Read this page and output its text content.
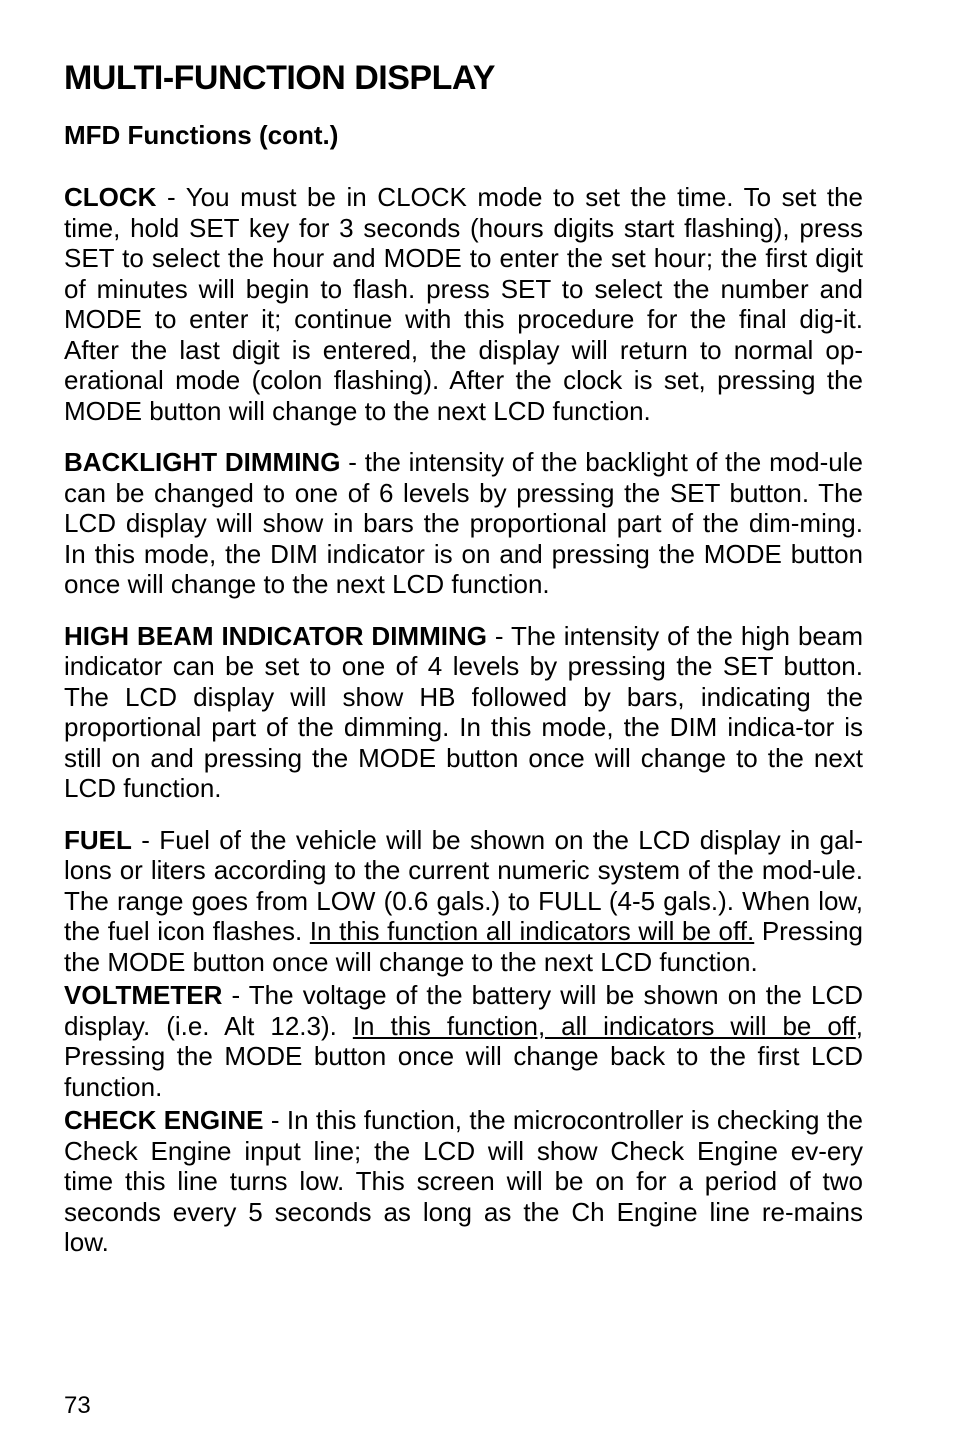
MULTI-FUNCTION DISPLAY
MFD Functions (cont.)

CLOCK - You must be in CLOCK mode to set the time. To set the time, hold SET key for 3 seconds (hours digits start flashing), press SET to select the hour and MODE to enter the set hour; the first digit of minutes will begin to flash. press SET to select the number and MODE to enter it; continue with this procedure for the final dig-it. After the last digit is entered, the display will return to normal op-erational mode (colon flashing). After the clock is set, pressing the MODE button will change to the next LCD function.

BACKLIGHT DIMMING - the intensity of the backlight of the mod-ule can be changed to one of 6 levels by pressing the SET button. The LCD display will show in bars the proportional part of the dim-ming. In this mode, the DIM indicator is on and pressing the MODE button once will change to the next LCD function.

HIGH BEAM INDICATOR DIMMING - The intensity of the high beam indicator can be set to one of 4 levels by pressing the SET button. The LCD display will show HB followed by bars, indicating the proportional part of the dimming. In this mode, the DIM indica-tor is still on and pressing the MODE button once will change to the next LCD function.

FUEL - Fuel of the vehicle will be shown on the LCD display in gal-lons or liters according to the current numeric system of the mod-ule. The range goes from LOW (0.6 gals.) to FULL (4-5 gals.). When low, the fuel icon flashes. In this function all indicators will be off. Pressing the MODE button once will change to the next LCD function.

VOLTMETER - The voltage of the battery will be shown on the LCD display. (i.e. Alt 12.3). In this function, all indicators will be off, Pressing the MODE button once will change back to the first LCD function.

CHECK ENGINE - In this function, the microcontroller is checking the Check Engine input line; the LCD will show Check Engine ev-ery time this line turns low. This screen will be on for a period of two seconds every 5 seconds as long as the Ch Engine line re-mains low.

73
